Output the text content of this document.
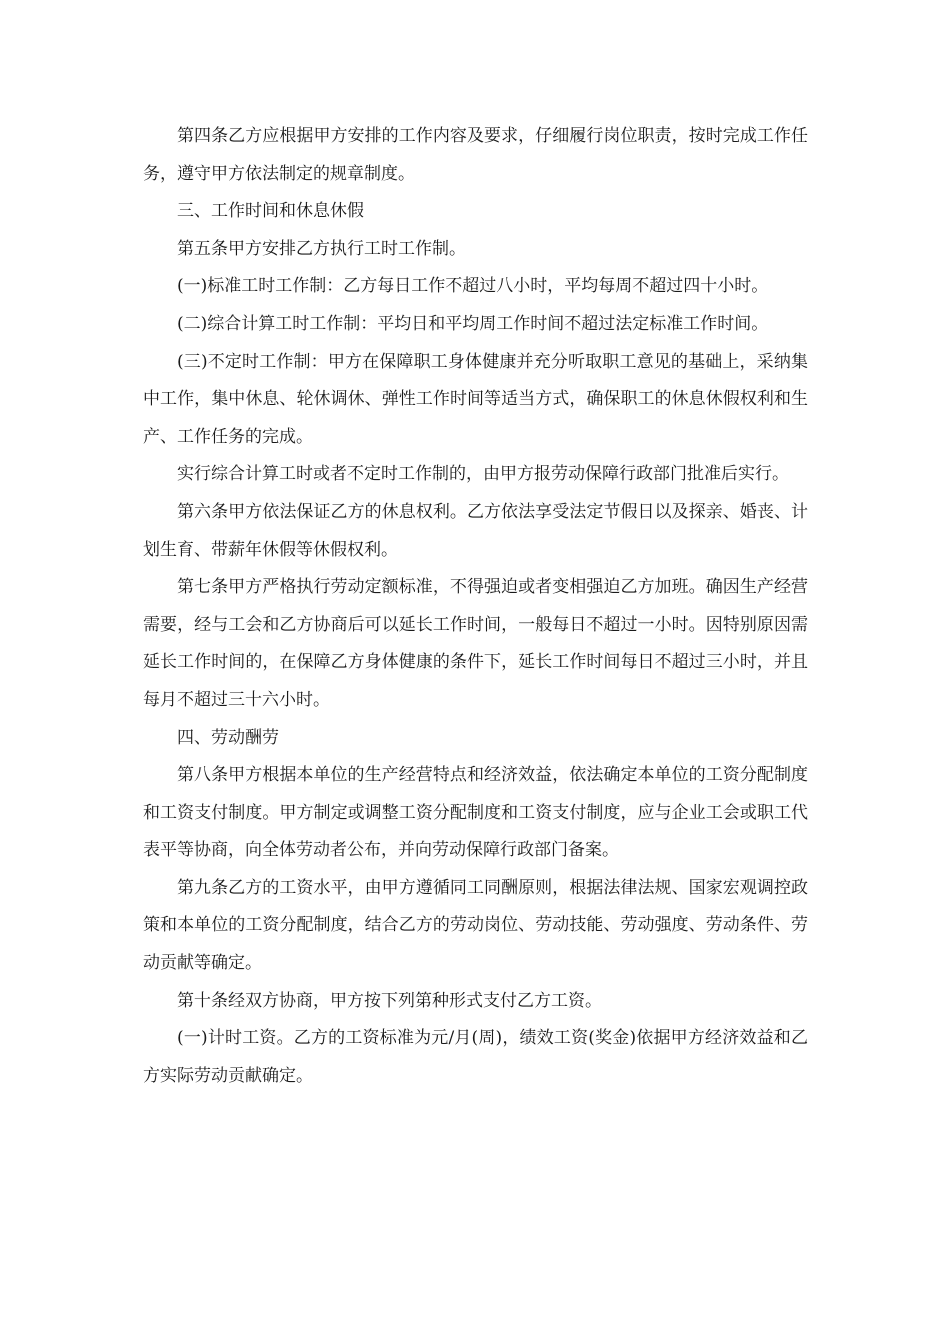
第四条乙方应根据甲方安排的工作内容及要求，仔细履行岗位职责，按时完成工作任务，遵守甲方依法制定的规章制度。

三、工作时间和休息休假

第五条甲方安排乙方执行工时工作制。

(一)标准工时工作制：乙方每日工作不超过八小时，平均每周不超过四十小时。

(二)综合计算工时工作制：平均日和平均周工作时间不超过法定标准工作时间。

(三)不定时工作制：甲方在保障职工身体健康并充分听取职工意见的基础上，采纳集中工作，集中休息、轮休调休、弹性工作时间等适当方式，确保职工的休息休假权利和生产、工作任务的完成。

实行综合计算工时或者不定时工作制的，由甲方报劳动保障行政部门批准后实行。

第六条甲方依法保证乙方的休息权利。乙方依法享受法定节假日以及探亲、婚丧、计划生育、带薪年休假等休假权利。

第七条甲方严格执行劳动定额标准，不得强迫或者变相强迫乙方加班。确因生产经营需要，经与工会和乙方协商后可以延长工作时间，一般每日不超过一小时。因特别原因需延长工作时间的，在保障乙方身体健康的条件下，延长工作时间每日不超过三小时，并且每月不超过三十六小时。

四、劳动酬劳

第八条甲方根据本单位的生产经营特点和经济效益，依法确定本单位的工资分配制度和工资支付制度。甲方制定或调整工资分配制度和工资支付制度，应与企业工会或职工代表平等协商，向全体劳动者公布，并向劳动保障行政部门备案。

第九条乙方的工资水平，由甲方遵循同工同酬原则，根据法律法规、国家宏观调控政策和本单位的工资分配制度，结合乙方的劳动岗位、劳动技能、劳动强度、劳动条件、劳动贡献等确定。

第十条经双方协商，甲方按下列第种形式支付乙方工资。

(一)计时工资。乙方的工资标准为元/月(周)，绩效工资(奖金)依据甲方经济效益和乙方实际劳动贡献确定。
